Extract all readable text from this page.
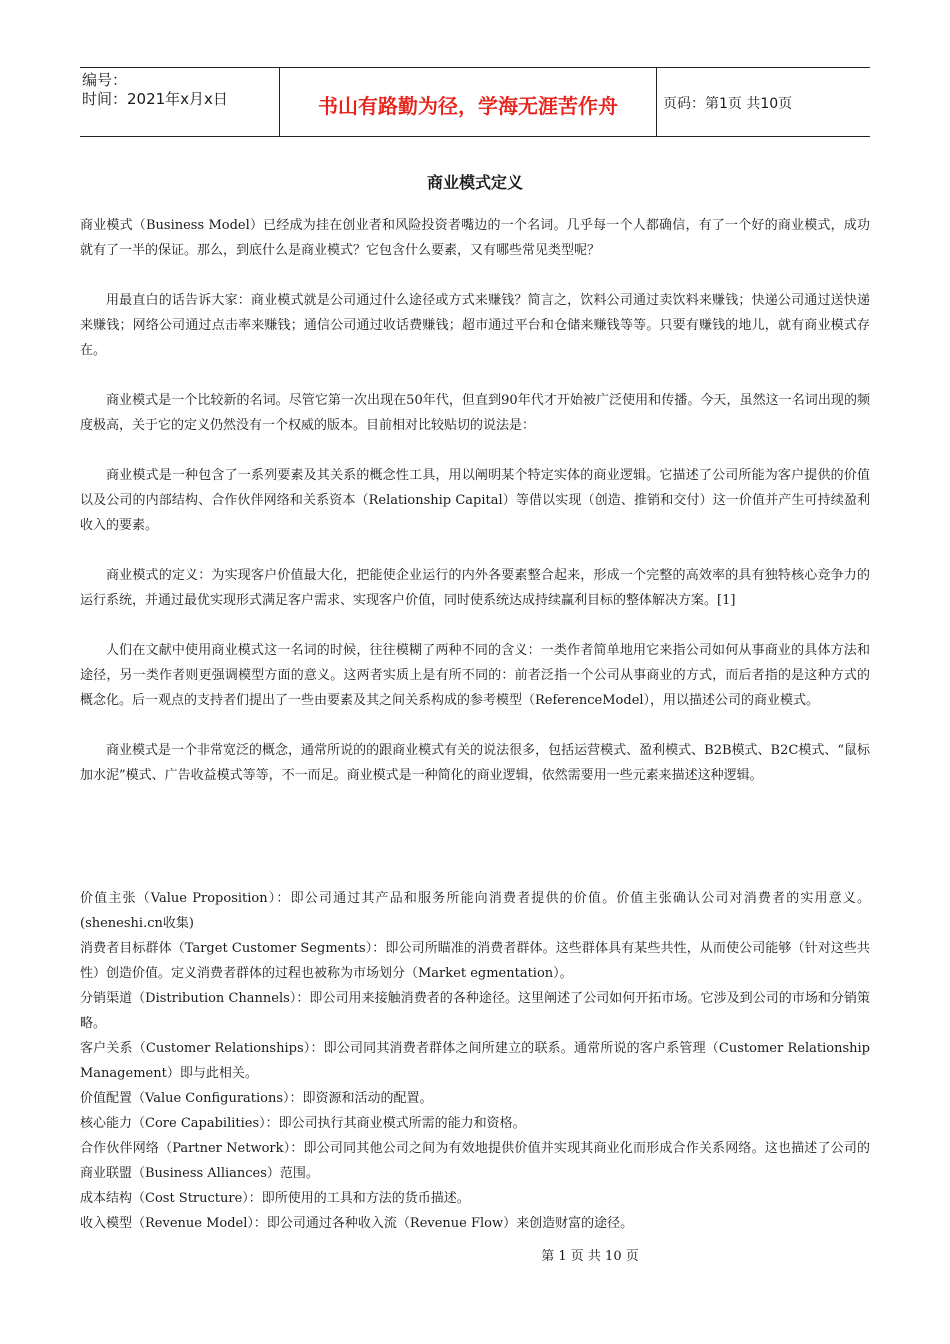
编号：
时间：2021年x月x日	书山有路勤为径，学海无涯苦作舟	页码：第1页 共10页
商业模式定义

商业模式（Business Model）已经成为挂在创业者和风险投资者嘴边的一个名词。几乎每一个人都确信，有了一个好的商业模式，成功就有了一半的保证。那么，到底什么是商业模式？它包含什么要素，又有哪些常见类型呢？

用最直白的话告诉大家：商业模式就是公司通过什么途径或方式来赚钱？简言之，饮料公司通过卖饮料来赚钱；快递公司通过送快递来赚钱；网络公司通过点击率来赚钱；通信公司通过收话费赚钱；超市通过平台和仓储来赚钱等等。只要有赚钱的地儿，就有商业模式存在。

商业模式是一个比较新的名词。尽管它第一次出现在50年代，但直到90年代才开始被广泛使用和传播。今天，虽然这一名词出现的频度极高，关于它的定义仍然没有一个权威的版本。目前相对比较贴切的说法是：

商业模式是一种包含了一系列要素及其关系的概念性工具，用以阐明某个特定实体的商业逻辑。它描述了公司所能为客户提供的价值以及公司的内部结构、合作伙伴网络和关系资本（Relationship Capital）等借以实现（创造、推销和交付）这一价值并产生可持续盈利收入的要素。

商业模式的定义：为实现客户价值最大化，把能使企业运行的内外各要素整合起来，形成一个完整的高效率的具有独特核心竞争力的运行系统，并通过最优实现形式满足客户需求、实现客户价值，同时使系统达成持续赢利目标的整体解决方案。[1]

人们在文献中使用商业模式这一名词的时候，往往模糊了两种不同的含义：一类作者简单地用它来指公司如何从事商业的具体方法和途径，另一类作者则更强调模型方面的意义。这两者实质上是有所不同的：前者泛指一个公司从事商业的方式，而后者指的是这种方式的概念化。后一观点的支持者们提出了一些由要素及其之间关系构成的参考模型（ReferenceModel），用以描述公司的商业模式。

商业模式是一个非常宽泛的概念，通常所说的的跟商业模式有关的说法很多，包括运营模式、盈利模式、B2B模式、B2C模式、“鼠标加水泥”模式、广告收益模式等等，不一而足。商业模式是一种简化的商业逻辑，依然需要用一些元素来描述这种逻辑。

价值主张（Value Proposition）：即公司通过其产品和服务所能向消费者提供的价值。价值主张确认公司对消费者的实用意义。(sheneshi.cn收集)

消费者目标群体（Target Customer Segments）：即公司所瞄准的消费者群体。这些群体具有某些共性，从而使公司能够（针对这些共性）创造价值。定义消费者群体的过程也被称为市场划分（Market egmentation）。

分销渠道（Distribution Channels）：即公司用来接触消费者的各种途径。这里阐述了公司如何开拓市场。它涉及到公司的市场和分销策略。

客户关系（Customer Relationships）：即公司同其消费者群体之间所建立的联系。通常所说的客户系管理（Customer Relationship Management）即与此相关。

价值配置（Value Configurations）：即资源和活动的配置。

核心能力（Core Capabilities）：即公司执行其商业模式所需的能力和资格。

合作伙伴网络（Partner Network）：即公司同其他公司之间为有效地提供价值并实现其商业化而形成合作关系网络。这也描述了公司的商业联盟（Business Alliances）范围。

成本结构（Cost Structure）：即所使用的工具和方法的货币描述。

收入模型（Revenue Model）：即公司通过各种收入流（Revenue Flow）来创造财富的途径。

第 1 页 共 10 页
